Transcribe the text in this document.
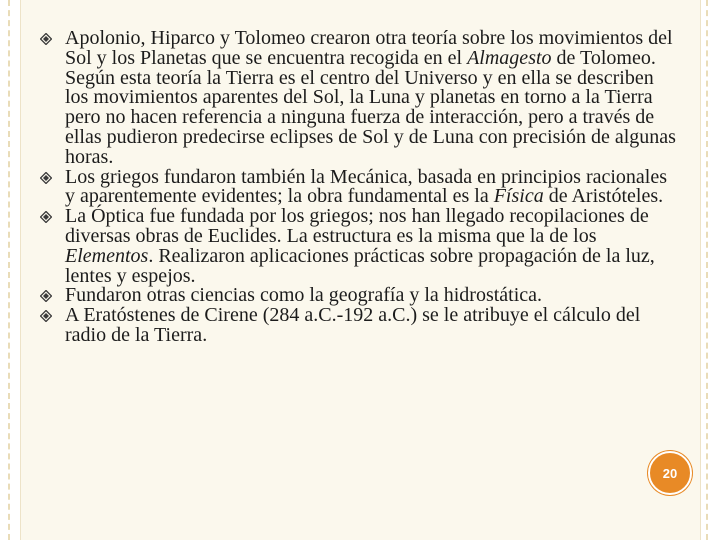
Apolonio, Hiparco y Tolomeo crearon otra teoría sobre los movimientos del Sol y los Planetas que se encuentra recogida en el Almagesto de Tolomeo. Según esta teoría la Tierra es el centro del Universo y en ella se describen los movimientos aparentes del Sol, la Luna y planetas en torno a la Tierra pero no hacen referencia a ninguna fuerza de interacción, pero a través de ellas pudieron predecirse eclipses de Sol y de Luna con precisión de algunas horas.
Los griegos fundaron también la Mecánica, basada en principios racionales y aparentemente evidentes; la obra fundamental es la Física de Aristóteles.
La Óptica fue fundada por los griegos; nos han llegado recopilaciones de diversas obras de Euclides. La estructura es la misma que la de los Elementos. Realizaron aplicaciones prácticas sobre propagación de la luz, lentes y espejos.
Fundaron otras ciencias como la geografía y la hidrostática.
A Eratóstenes de Cirene (284 a.C.-192 a.C.) se le atribuye el cálculo del radio de la Tierra.
20
